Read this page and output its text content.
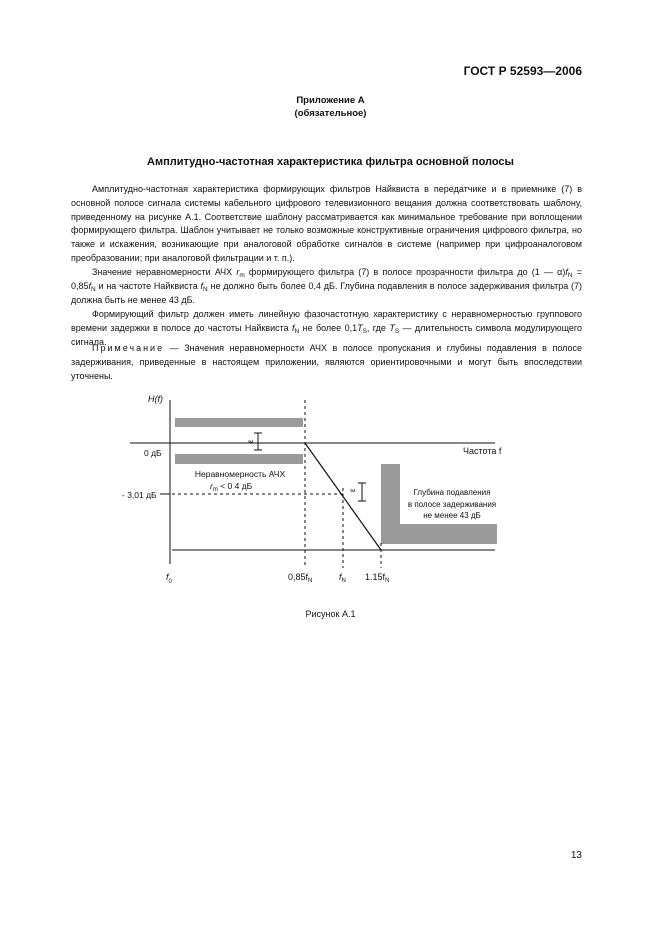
ГОСТ Р 52593—2006
Приложение А
(обязательное)
Амплитудно-частотная характеристика фильтра основной полосы

Амплитудно-частотная характеристика формирующих фильтров Найквиста в передатчике и в приемнике (7) в основной полосе сигнала системы кабельного цифрового телевизионного вещания должна соответствовать шаблону, приведенному на рисунке А.1. Соответствие шаблону рассматривается как минимальное требование при воплощении формирующего фильтра. Шаблон учитывает не только возможные конструктивные ограничения цифрового фильтра, но также и искажения, возникающие при аналоговой обработке сигналов в системе (например при цифроаналоговом преобразовании; при аналоговой фильтрации и т. п.).

Значение неравномерности АЧХ $r_m$ формирующего фильтра (7) в полосе прозрачности фильтра до (1 — $\alpha)f_N = 0,85f_N$ и на частоте Найквиста $f_N$ не должно быть более 0,4 дБ. Глубина подавления в полосе задерживания фильтра (7) должна быть не менее 43 дБ.

Формирующий фильтр должен иметь линейную фазочастотную характеристику с неравномерностью группового времени задержки в полосе до частоты Найквиста $f_N$ не более $0,1T_S$, где $T_S$ — длительность символа модулирующего сигнала.

Примечание — Значения неравномерности АЧХ в полосе пропускания и глубины подавления в полосе задерживания, приведенные в настоящем приложении, являются ориентировочными и могут быть впоследствии уточнены.
ε
ε
H(f)
Частота f
0 дБ
- 3,01 дБ
Неравномерность АЧХ
$r_m < 0$ 4 дБ
Глубина подавления
в полосе задерживания
не менее 43 дБ
$f_0$	$0,85f_N$	$f_N$ $1.15f_N$
Рисунок А.1
13
